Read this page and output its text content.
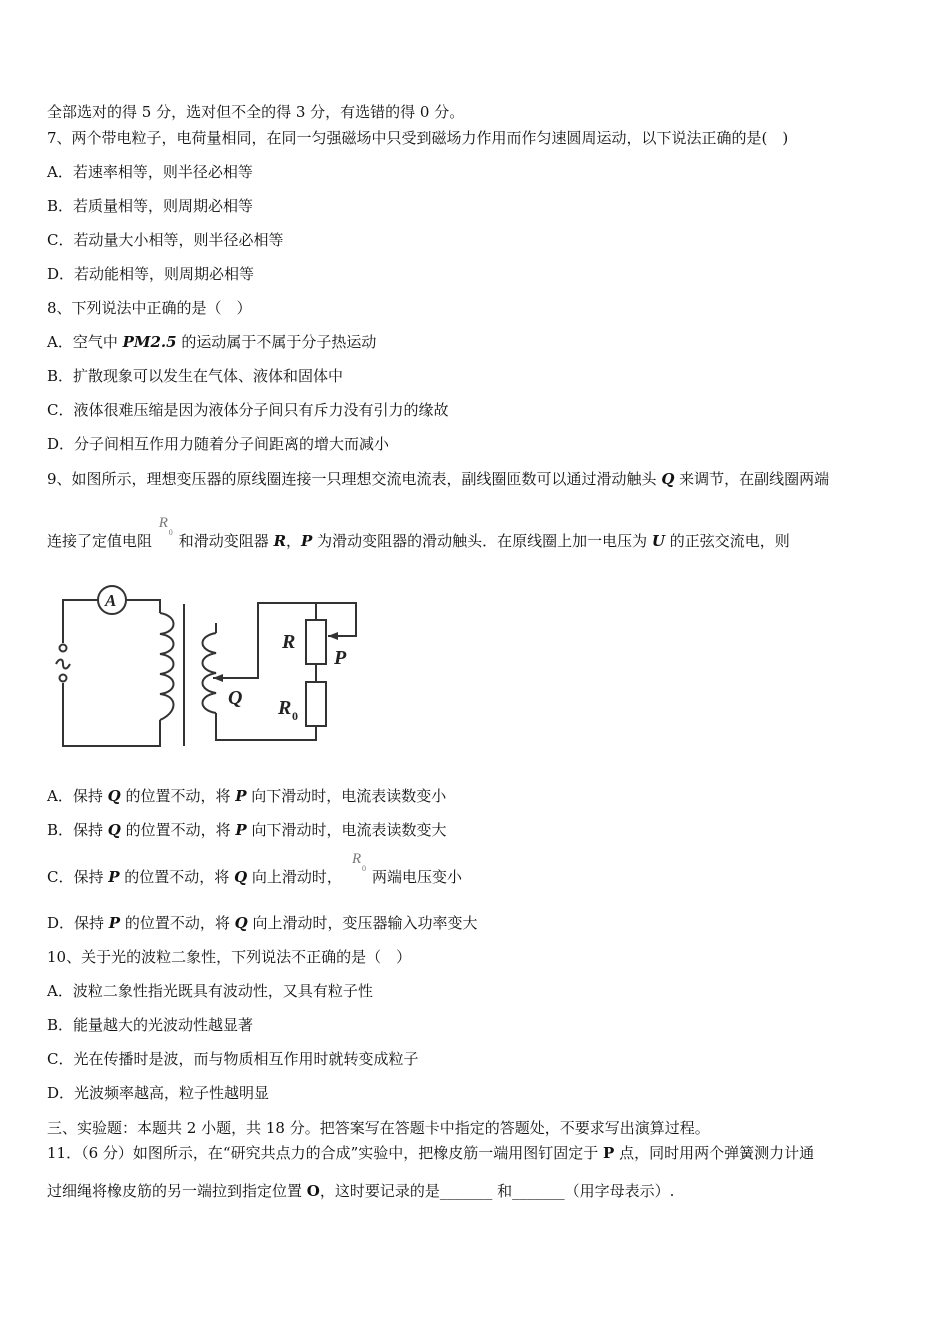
全部选对的得 5 分，选对但不全的得 3 分，有选错的得 0 分。
7、两个带电粒子，电荷量相同，在同一匀强磁场中只受到磁场力作用而作匀速圆周运动，以下说法正确的是(　)
A．若速率相等，则半径必相等
B．若质量相等，则周期必相等
C．若动量大小相等，则半径必相等
D．若动能相等，则周期必相等
8、下列说法中正确的是（　）
A．空气中 PM2.5 的运动属于不属于分子热运动
B．扩散现象可以发生在气体、液体和固体中
C．液体很难压缩是因为液体分子间只有斥力没有引力的缘故
D．分子间相互作用力随着分子间距离的增大而减小
9、如图所示，理想变压器的原线圈连接一只理想交流电流表，副线圈匝数可以通过滑动触头 Q 来调节，在副线圈两端
连接了定值电阻
R
0 和滑动变阻器 R，P 为滑动变阻器的滑动触头．在原线圈上加一电压为 U 的正弦交流电，则
A
R
P
Q R 0
A．保持 Q 的位置不动，将 P 向下滑动时，电流表读数变小
B．保持 Q 的位置不动，将 P 向下滑动时，电流表读数变大
C．保持 P 的位置不动，将 Q 向上滑动时，
R
0 两端电压变小
D．保持 P 的位置不动，将 Q 向上滑动时，变压器输入功率变大
10、关于光的波粒二象性，下列说法不正确的是（　）
A．波粒二象性指光既具有波动性，又具有粒子性
B．能量越大的光波动性越显著
C．光在传播时是波，而与物质相互作用时就转变成粒子
D．光波频率越高，粒子性越明显
三、实验题：本题共 2 小题，共 18 分。把答案写在答题卡中指定的答题处，不要求写出演算过程。
11．（6 分）如图所示，在“研究共点力的合成”实验中，把橡皮筋一端用图钉固定于 P 点，同时用两个弹簧测力计通
过细绳将橡皮筋的另一端拉到指定位置 O，这时要记录的是_______ 和_______（用字母表示）.
